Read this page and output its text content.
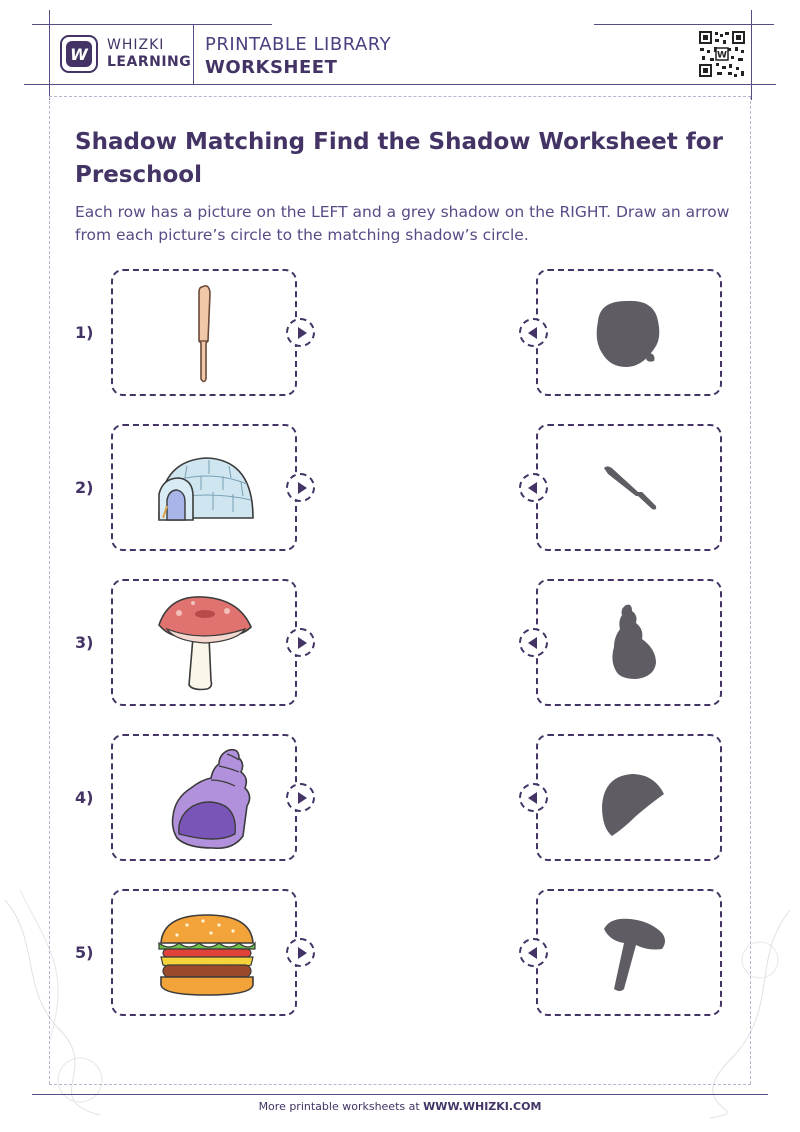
W WHIZKI
LEARNING
PRINTABLE LIBRARY
WORKSHEET
W
Shadow Matching Find the Shadow Worksheet for Preschool
Each row has a picture on the LEFT and a grey shadow on the RIGHT. Draw an arrow from each picture’s circle to the matching shadow’s circle.
1)
2)
3)
4)
5)
More printable worksheets at WWW.WHIZKI.COM
